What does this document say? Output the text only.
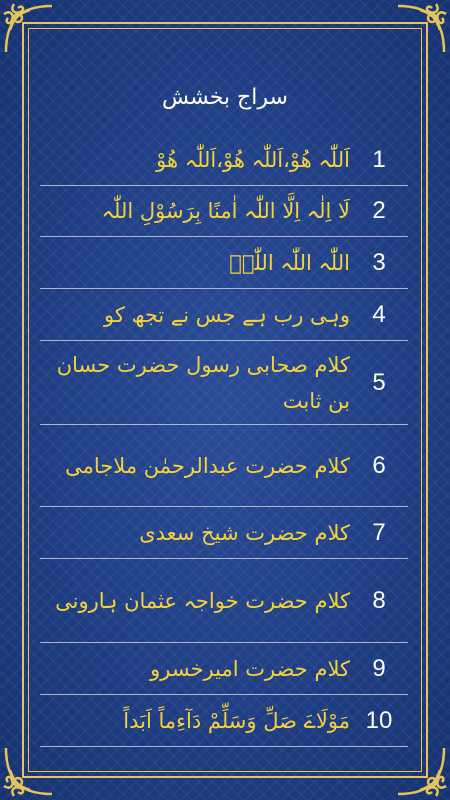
سراج بخشش
1
اَللّٰہ ھُوْ،اَللّٰہ ھُوْ،اَللّٰہ ھُوْ
2
لَا اِلٰہ اِلَّا اللّٰہ اٰمنًا بِرَسُوْلِ اللّٰہ
3
اللّٰہ اللّٰہ اللّٰہؑ
4
وہی رب ہے جس نے تجھ کو
5
کلام صحابی رسول حضرت حسان بن ثابت
6
کلام حضرت عبدالرحمٰن ملاجامی
7
کلام حضرت شیخ سعدی
8
کلام حضرت خواجہ عثمان ہارونی
9
کلام حضرت امیرخسرو
10
مَوْلَاےَ صَلِّ وَسَلِّمْ دَآءِماً اَبَداً
